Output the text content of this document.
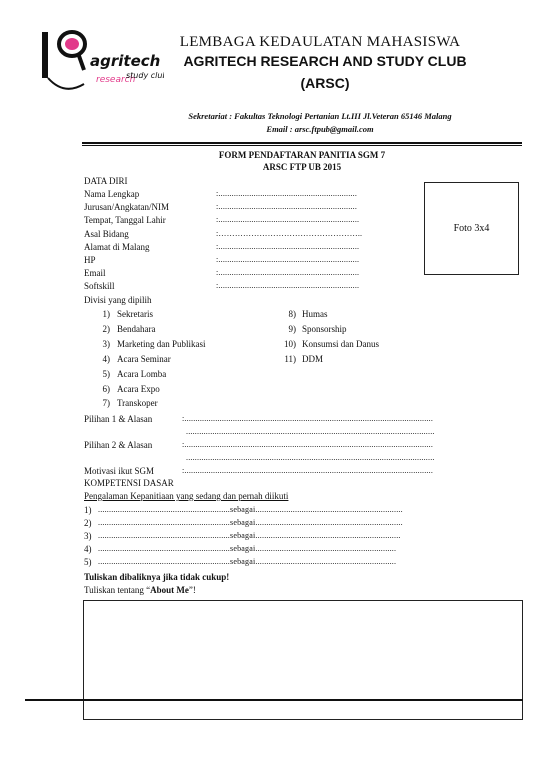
agritech
research
study club
LEMBAGA KEDAULATAN MAHASISWA
AGRITECH RESEARCH AND STUDY CLUB
(ARSC)
Sekretariat : Fakultas Teknologi Pertanian Lt.III Jl.Veteran 65146 Malang
Email : arsc.ftpub@gmail.com
FORM PENDAFTARAN PANITIA SGM 7
ARSC FTP UB 2015
DATA DIRI
Foto 3x4
Nama Lengkap	:...............................................................
Jurusan/Angkatan/NIM	:...............................................................
Tempat, Tanggal Lahir	:................................................................
Asal Bidang	:……………………………………………..
Alamat di Malang	:................................................................
HP	:................................................................
Email	:................................................................
Softskill	:................................................................
Divisi yang dipilih
1) Sekretaris
2) Bendahara
3) Marketing dan Publikasi
4) Acara Seminar
5) Acara Lomba
6) Acara Expo
7) Transkoper
8) Humas
9) Sponsorship
10) Konsumsi dan Danus
11) DDM
Pilihan 1 & Alasan	:.................................................................................................................
.................................................................................................................
Pilihan 2 & Alasan	:.................................................................................................................
.................................................................................................................
Motivasi ikut SGM	:.................................................................................................................
KOMPETENSI DASAR
Pengalaman Kepanitiaan yang sedang dan pernah diikuti
1) ............................................................sebagai...................................................................
2) ............................................................sebagai...................................................................
3) ............................................................sebagai..................................................................
4) ............................................................sebagai................................................................
5) ............................................................sebagai................................................................
Tuliskan dibaliknya jika tidak cukup!
Tuliskan tentang “About Me”!
